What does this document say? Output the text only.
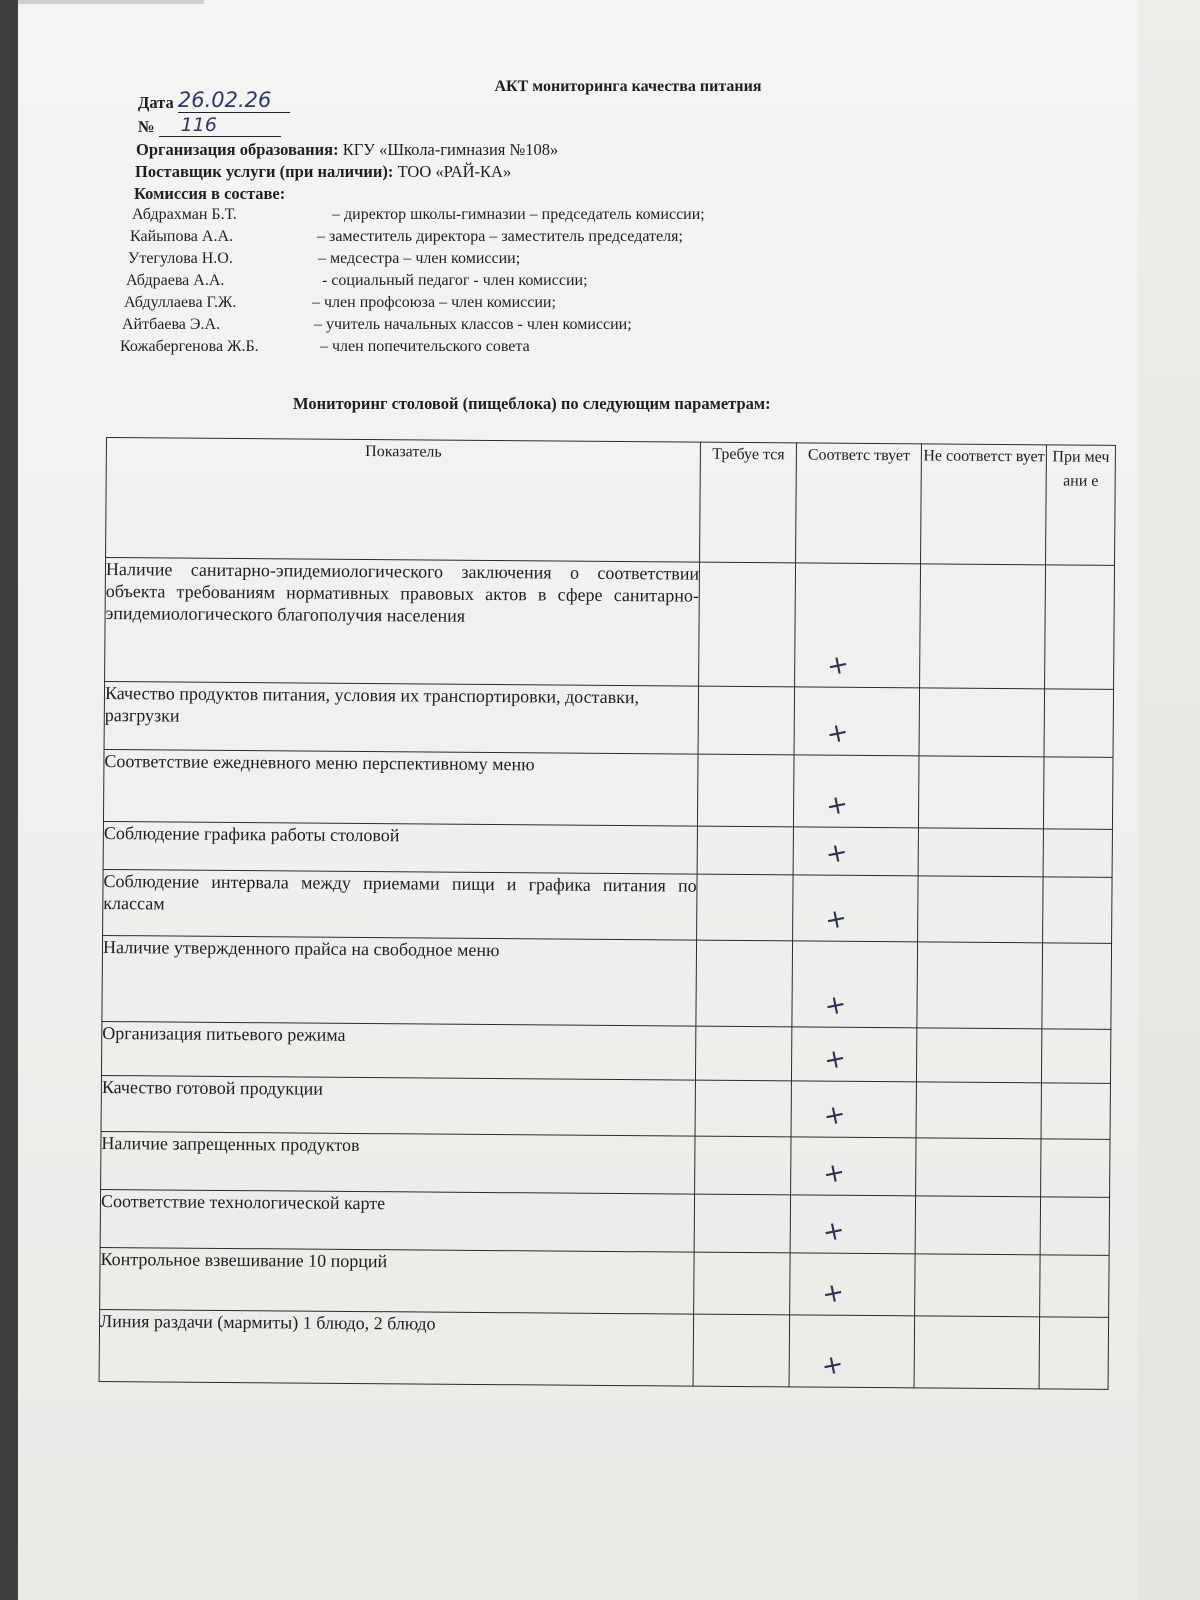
АКТ мониторинга качества питания
Дата 26.02.26
№ 116
Организация образования: КГУ «Школа-гимназия №108»
Поставщик услуги (при наличии): ТОО «РАЙ-КА»
Комиссия в составе:
Абдрахман Б.Т.	– директор школы-гимназии – председатель комиссии;
Кайыпова А.А.	– заместитель директора – заместитель председателя;
Утегулова Н.О.	– медсестра – член комиссии;
Абдраева А.А.	- социальный педагог - член комиссии;
Абдуллаева Г.Ж.	– член профсоюза – член комиссии;
Айтбаева Э.А.	– учитель начальных классов - член комиссии;
Кожабергенова Ж.Б.	– член попечительского совета
Мониторинг столовой (пищеблока) по следующим параметрам:
Показатель	Требуе тся	Соответс твует	Не соответст вует	При меч ани е
Наличие санитарно-эпидемиологического заключения о соответствии объекта требованиям нормативных правовых актов в сфере санитарно-эпидемиологического благополучия населения		+		

Качество продуктов питания, условия их транспортировки, доставки, разгрузки		+		

Соответствие ежедневного меню перспективному меню		+		

Соблюдение графика работы столовой		+		

Соблюдение интервала между приемами пищи и графика питания по классам		+		

Наличие утвержденного прайса на свободное меню		+		

Организация питьевого режима		+		

Качество готовой продукции		+		

Наличие запрещенных продуктов		+		

Соответствие технологической карте		+		

Контрольное взвешивание 10 порций		+		

Линия раздачи (мармиты) 1 блюдо, 2 блюдо		+		
